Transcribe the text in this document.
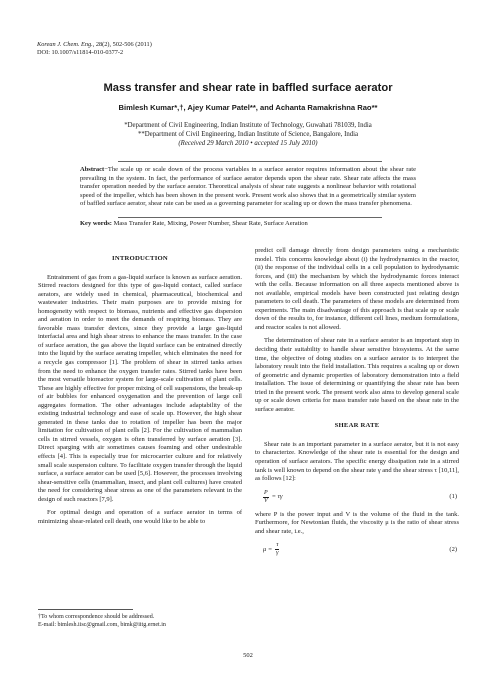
Korean J. Chem. Eng., 28(2), 502-506 (2011)
DOI: 10.1007/s11814-010-0377-2
Mass transfer and shear rate in baffled surface aerator
Bimlesh Kumar*,†, Ajey Kumar Patel**, and Achanta Ramakrishna Rao**
*Department of Civil Engineering, Indian Institute of Technology, Guwahati 781039, India
**Department of Civil Engineering, Indian Institute of Science, Bangalore, India
(Received 29 March 2010 • accepted 15 July 2010)
Abstract−The scale up or scale down of the process variables in a surface aerator requires information about the shear rate prevailing in the system. In fact, the performance of surface aerator depends upon the shear rate. Shear rate affects the mass transfer operation needed by the surface aerator. Theoretical analysis of shear rate suggests a nonlinear behavior with rotational speed of the impeller, which has been shown in the present work. Present work also shows that in a geometrically similar system of baffled surface aerator, shear rate can be used as a governing parameter for scaling up or down the mass transfer phenomena.
Key words: Mass Transfer Rate, Mixing, Power Number, Shear Rate, Surface Aeration
INTRODUCTION

Entrainment of gas from a gas-liquid surface is known as surface aeration. Stirred reactors designed for this type of gas-liquid contact, called surface aerators, are widely used in chemical, pharmaceutical, biochemical and wastewater industries. Their main purposes are to provide mixing for homogeneity with respect to biomass, nutrients and effective gas dispersion and aeration in order to meet the demands of respiring biomass. They are favorable mass transfer devices, since they provide a large gas-liquid interfacial area and high shear stress to enhance the mass transfer. In the case of surface aeration, the gas above the liquid surface can be entrained directly into the liquid by the surface aerating impeller, which eliminates the need for a recycle gas compressor [1]. The problem of shear in stirred tanks arises from the need to enhance the oxygen transfer rates. Stirred tanks have been the most versatile bioreactor system for large-scale cultivation of plant cells. These are highly effective for proper mixing of cell suspensions, the break-up of air bubbles for enhanced oxygenation and the prevention of large cell aggregates formation. The other advantages include adaptability of the existing industrial technology and ease of scale up. However, the high shear generated in these tanks due to rotation of impeller has been the major limitation for cultivation of plant cells [2]. For the cultivation of mammalian cells in stirred vessels, oxygen is often transferred by surface aeration [3]. Direct sparging with air sometimes causes foaming and other undesirable effects [4]. This is especially true for microcarrier culture and for relatively small scale suspension culture. To facilitate oxygen transfer through the liquid surface, a surface aerator can be used [5,6]. However, the processes involving shear-sensitive cells (mammalian, insect, and plant cell cultures) have created the need for considering shear stress as one of the parameters relevant in the design of such reactors [7,9].

For optimal design and operation of a surface aerator in terms of minimizing shear-related cell death, one would like to be able to

predict cell damage directly from design parameters using a mechanistic model. This concerns knowledge about (i) the hydrodynamics in the reactor, (ii) the response of the individual cells in a cell population to hydrodynamic forces, and (iii) the mechanism by which the hydrodynamic forces interact with the cells. Because information on all three aspects mentioned above is not available, empirical models have been constructed just relating design parameters to cell death. The parameters of these models are determined from experiments. The main disadvantage of this approach is that scale up or scale down of the results to, for instance, different cell lines, medium formulations, and reactor scales is not allowed.

The determination of shear rate in a surface aerator is an important step in deciding their suitability to handle shear sensitive biosystems. At the same time, the objective of doing studies on a surface aerator is to interpret the laboratory result into the field installation. This requires a scaling up or down of geometric and dynamic properties of laboratory demonstration into a field installation. The issue of determining or quantifying the shear rate has been tried in the present work. The present work also aims to develop general scale up or scale down criteria for mass transfer rate based on the shear rate in the surface aerator.

SHEAR RATE

Shear rate is an important parameter in a surface aerator, but it is not easy to characterize. Knowledge of the shear rate is essential for the design and operation of surface aerators. The specific energy dissipation rate in a stirred tank is well known to depend on the shear rate γ and the shear stress τ [10,11], as follows [12]:

$\frac{P}{V} = \tau\gamma$	(1)

where P is the power input and V is the volume of the fluid in the tank. Furthermore, for Newtonian fluids, the viscosity μ is the ratio of shear stress and shear rate, i.e.,

$\mu = \frac{\tau}{\gamma}$	(2)
†To whom correspondence should be addressed.
E-mail: bimlesh.iisc@gmail.com, bimk@iitg.ernet.in
502
